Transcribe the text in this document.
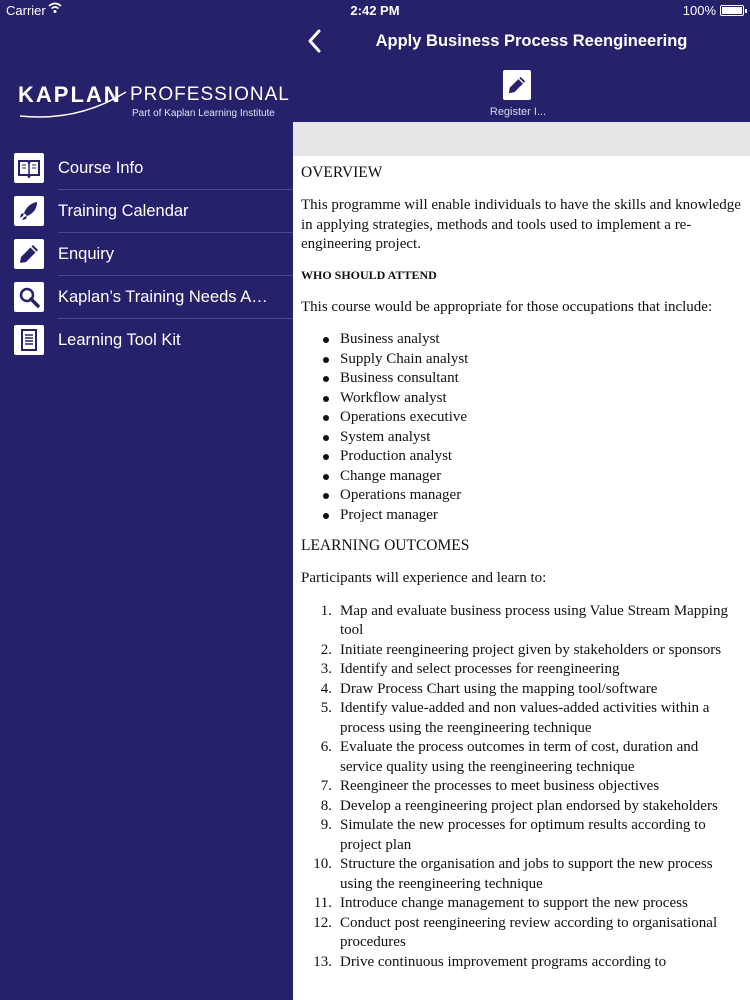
KAPLAN PROFESSIONAL
Part of Kaplan Learning Institute
Course Info
Training Calendar
Enquiry
Kaplan’s Training Needs A…
Learning Tool Kit
Carrier	2:42 PM	100%
Apply Business Process Reengineering
Register I...
OVERVIEW

This programme will enable individuals to have the skills and knowledge in applying strategies, methods and tools used to implement a re-engineering project.

WHO SHOULD ATTEND

This course would be appropriate for those occupations that include:

Business analyst
Supply Chain analyst
Business consultant
Workflow analyst
Operations executive
System analyst
Production analyst
Change manager
Operations manager
Project manager
LEARNING OUTCOMES

Participants will experience and learn to:

1. Map and evaluate business process using Value Stream Mapping tool
2. Initiate reengineering project given by stakeholders or sponsors
3. Identify and select processes for reengineering
4. Draw Process Chart using the mapping tool/software
5. Identify value-added and non values-added activities within a process using the reengineering technique
6. Evaluate the process outcomes in term of cost, duration and service quality using the reengineering technique
7. Reengineer the processes to meet business objectives
8. Develop a reengineering project plan endorsed by stakeholders
9. Simulate the new processes for optimum results according to project plan
10. Structure the organisation and jobs to support the new process using the reengineering technique
11. Introduce change management to support the new process
12. Conduct post reengineering review according to organisational procedures
13. Drive continuous improvement programs according to
